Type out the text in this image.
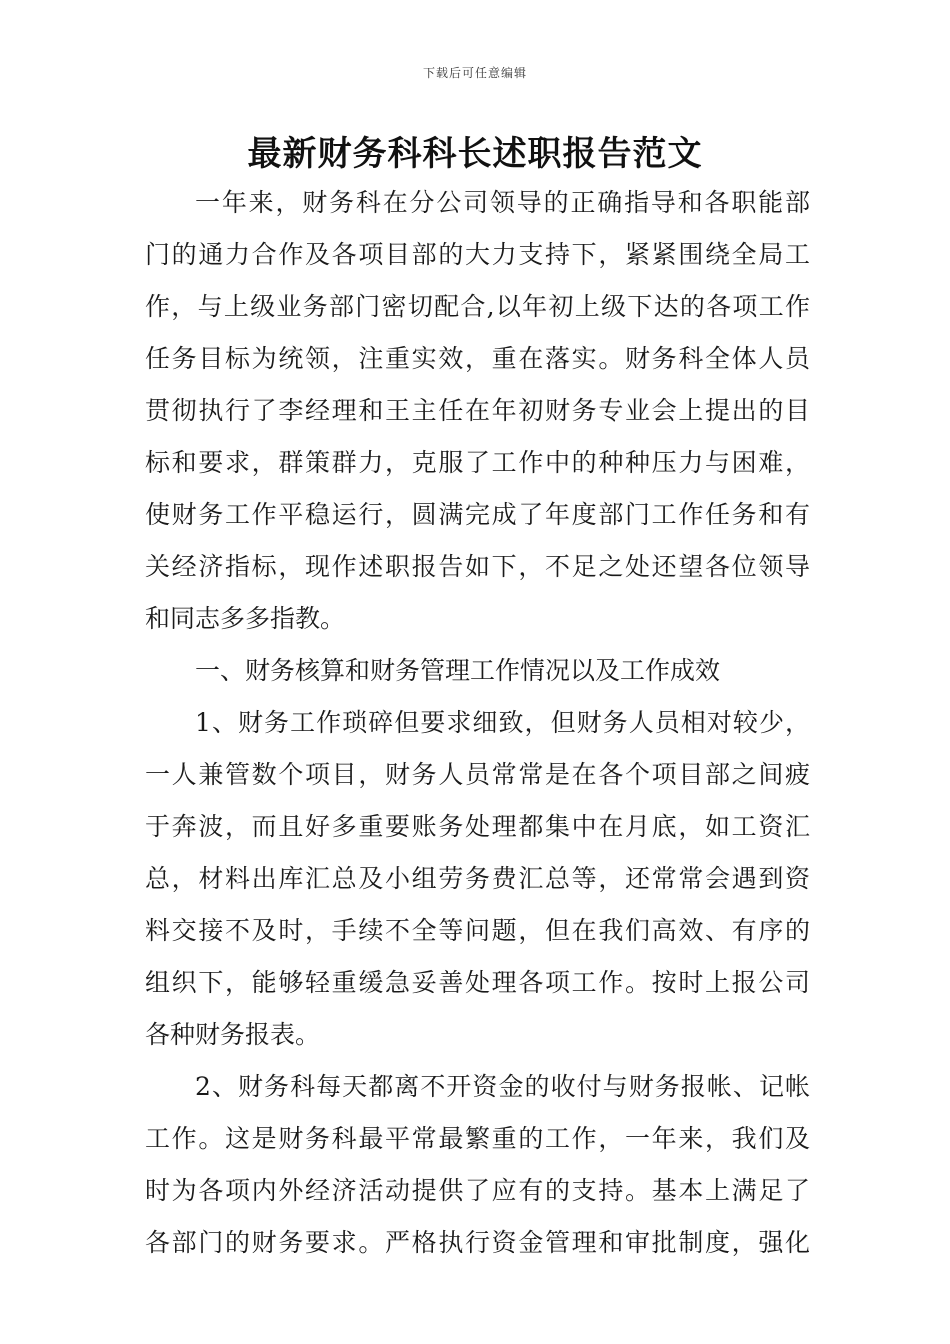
下载后可任意编辑
最新财务科科长述职报告范文
一年来，财务科在分公司领导的正确指导和各职能部
门的通力合作及各项目部的大力支持下，紧紧围绕全局工
作，与上级业务部门密切配合,以年初上级下达的各项工作
任务目标为统领，注重实效，重在落实。财务科全体人员
贯彻执行了李经理和王主任在年初财务专业会上提出的目
标和要求，群策群力，克服了工作中的种种压力与困难，
使财务工作平稳运行，圆满完成了年度部门工作任务和有
关经济指标，现作述职报告如下，不足之处还望各位领导
和同志多多指教。
一、财务核算和财务管理工作情况以及工作成效
1、财务工作琐碎但要求细致，但财务人员相对较少，
一人兼管数个项目，财务人员常常是在各个项目部之间疲
于奔波，而且好多重要账务处理都集中在月底，如工资汇
总，材料出库汇总及小组劳务费汇总等，还常常会遇到资
料交接不及时，手续不全等问题，但在我们高效、有序的
组织下，能够轻重缓急妥善处理各项工作。按时上报公司
各种财务报表。
2、财务科每天都离不开资金的收付与财务报帐、记帐
工作。这是财务科最平常最繁重的工作，一年来，我们及
时为各项内外经济活动提供了应有的支持。基本上满足了
各部门的财务要求。严格执行资金管理和审批制度，强化
